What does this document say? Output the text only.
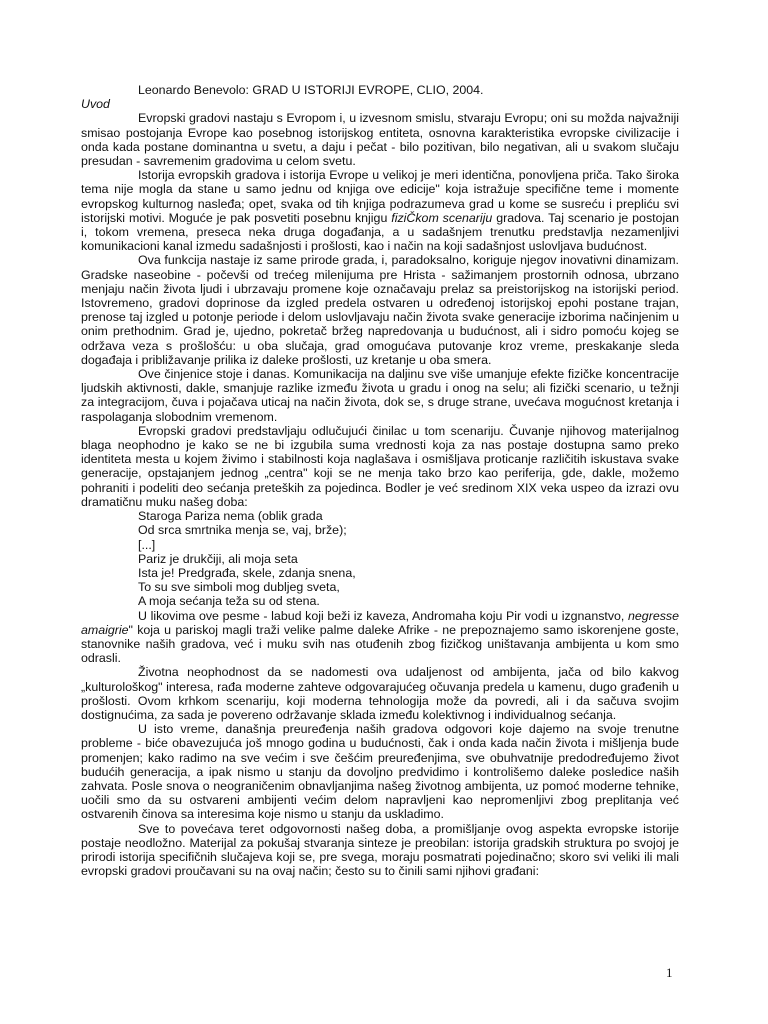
Leonardo Benevolo: GRAD U ISTORIJI EVROPE, CLIO, 2004.

Uvod

Evropski gradovi nastaju s Evropom i, u izvesnom smislu, stvaraju Evropu; oni su možda najvažniji smisao postojanja Evrope kao posebnog istorijskog entiteta, osnovna karakteristika evropske civilizacije i onda kada postane dominantna u svetu, a daju i pečat - bilo pozitivan, bilo negativan, ali u svakom slučaju presudan - savremenim gradovima u celom svetu.

Istorija evropskih gradova i istorija Evrope u velikoj je meri identična, ponovljena priča. Tako široka tema nije mogla da stane u samo jednu od knjiga ove edicije" koja istražuje specifične teme i momente evropskog kulturnog nasleđa; opet, svaka od tih knjiga podrazumeva grad u kome se susreću i prepliću svi istorijski motivi. Moguće je pak posvetiti posebnu knjigu fiziČkom scenariju gradova. Taj scenario je postojan i, tokom vremena, preseca neka druga događanja, a u sadašnjem trenutku predstavlja nezamenljivi komunikacioni kanal izmedu sadašnjosti i prošlosti, kao i način na koji sadašnjost uslovljava budućnost.

Ova funkcija nastaje iz same prirode grada, i, paradoksalno, koriguje njegov inovativni dinamizam. Gradske naseobine - počevši od trećeg milenijuma pre Hrista - sažimanjem prostornih odnosa, ubrzano menjaju način života ljudi i ubrzavaju promene koje označavaju prelaz sa preistorijskog na istorijski period. Istovremeno, gradovi doprinose da izgled predela ostvaren u određenoj istorijskoj epohi postane trajan, prenose taj izgled u potonje periode i delom uslovljavaju način života svake generacije izborima načinjenim u onim prethodnim. Grad je, ujedno, pokretač bržeg napredovanja u budućnost, ali i sidro pomoću kojeg se održava veza s prošlošću: u oba slučaja, grad omogućava putovanje kroz vreme, preskakanje sleda događaja i približavanje prilika iz daleke prošlosti, uz kretanje u oba smera.

Ove činjenice stoje i danas. Komunikacija na daljinu sve više umanjuje efekte fizičke koncentracije ljudskih aktivnosti, dakle, smanjuje razlike između života u gradu i onog na selu; ali fizički scenario, u težnji za integracijom, čuva i pojačava uticaj na način života, dok se, s druge strane, uvećava mogućnost kretanja i raspolaganja slobodnim vremenom.

Evropski gradovi predstavljaju odlučujući činilac u tom scenariju. Čuvanje njihovog materijalnog blaga neophodno je kako se ne bi izgubila suma vrednosti koja za nas postaje dostupna samo preko identiteta mesta u kojem živimo i stabilnosti koja naglašava i osmišljava proticanje različitih iskustava svake generacije, opstajanjem jednog „centra" koji se ne menja tako brzo kao periferija, gde, dakle, možemo pohraniti i podeliti deo sećanja preteških za pojedinca. Bodler je već sredinom XIX veka uspeo da izrazi ovu dramatičnu muku našeg doba:

Staroga Pariza nema (oblik grada
Od srca smrtnika menja se, vaj, brže);
[...]
Pariz je drukčiji, ali moja seta
Ista je! Predgrađa, skele, zdanja snena,
To su sve simboli mog dubljeg sveta,
A moja sećanja teža su od stena.

U likovima ove pesme - labud koji beži iz kaveza, Andromaha koju Pir vodi u izgnanstvo, negresse amaigrie" koja u pariskoj magli traži velike palme daleke Afrike - ne prepoznajemo samo iskorenjene goste, stanovnike naših gradova, već i muku svih nas otuđenih zbog fizičkog uništavanja ambijenta u kom smo odrasli.

Životna neophodnost da se nadomesti ova udaljenost od ambijenta, jača od bilo kakvog „kulturološkog" interesa, rađa moderne zahteve odgovarajućeg očuvanja predela u kamenu, dugo građenih u prošlosti. Ovom krhkom scenariju, koji moderna tehnologija može da povredi, ali i da sačuva svojim dostignućima, za sada je povereno održavanje sklada između kolektivnog i individualnog sećanja.

U isto vreme, današnja preuređenja naših gradova odgovori koje dajemo na svoje trenutne probleme - biće obavezujuća još mnogo godina u budućnosti, čak i onda kada način života i mišljenja bude promenjen; kako radimo na sve većim i sve češćim preuređenjima, sve obuhvatnije predodređujemo život budućih generacija, a ipak nismo u stanju da dovoljno predvidimo i kontrolišemo daleke posledice naših zahvata. Posle snova o neograničenim obnavljanjima našeg životnog ambijenta, uz pomoć moderne tehnike, uočili smo da su ostvareni ambijenti većim delom napravljeni kao nepromenljivi zbog preplitanja već ostvarenih činova sa interesima koje nismo u stanju da uskladimo.

Sve to povećava teret odgovornosti našeg doba, a promišljanje ovog aspekta evropske istorije postaje neodložno. Materijal za pokušaj stvaranja sinteze je preobilan: istorija gradskih struktura po svojoj je prirodi istorija specifičnih slučajeva koji se, pre svega, moraju posmatrati pojedinačno; skoro svi veliki ili mali evropski gradovi proučavani su na ovaj način; često su to činili sami njihovi građani:

1
